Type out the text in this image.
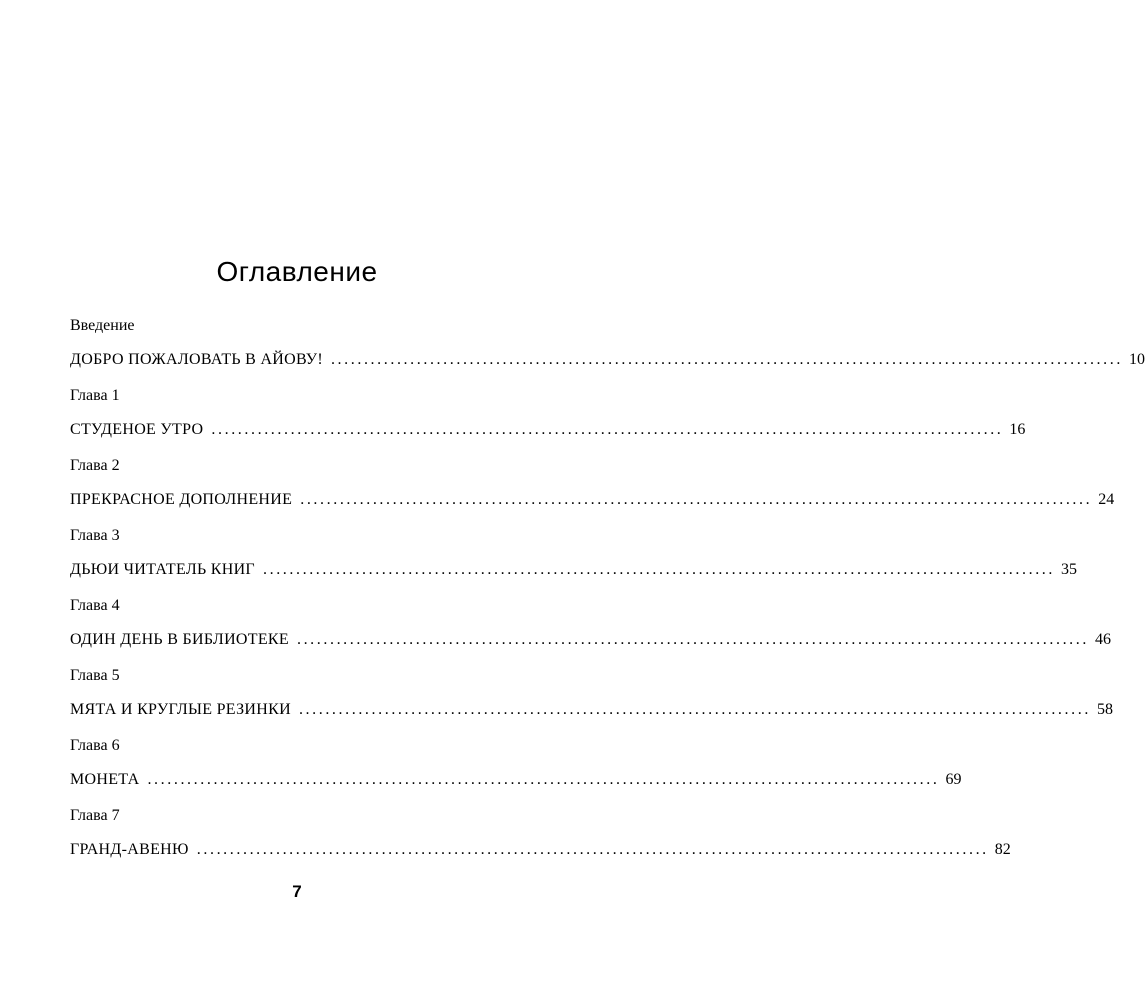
Оглавление
Введение
ДОБРО ПОЖАЛОВАТЬ В АЙОВУ! ........................................................................................................................ 10
Глава 1
СТУДЕНОЕ УТРО ........................................................................................................................ 16
Глава 2
ПРЕКРАСНОЕ ДОПОЛНЕНИЕ ........................................................................................................................ 24
Глава 3
ДЬЮИ ЧИТАТЕЛЬ КНИГ ........................................................................................................................ 35
Глава 4
ОДИН ДЕНЬ В БИБЛИОТЕКЕ ........................................................................................................................ 46
Глава 5
МЯТА И КРУГЛЫЕ РЕЗИНКИ ........................................................................................................................ 58
Глава 6
МОНЕТА ........................................................................................................................ 69
Глава 7
ГРАНД-АВЕНЮ ........................................................................................................................ 82
7
